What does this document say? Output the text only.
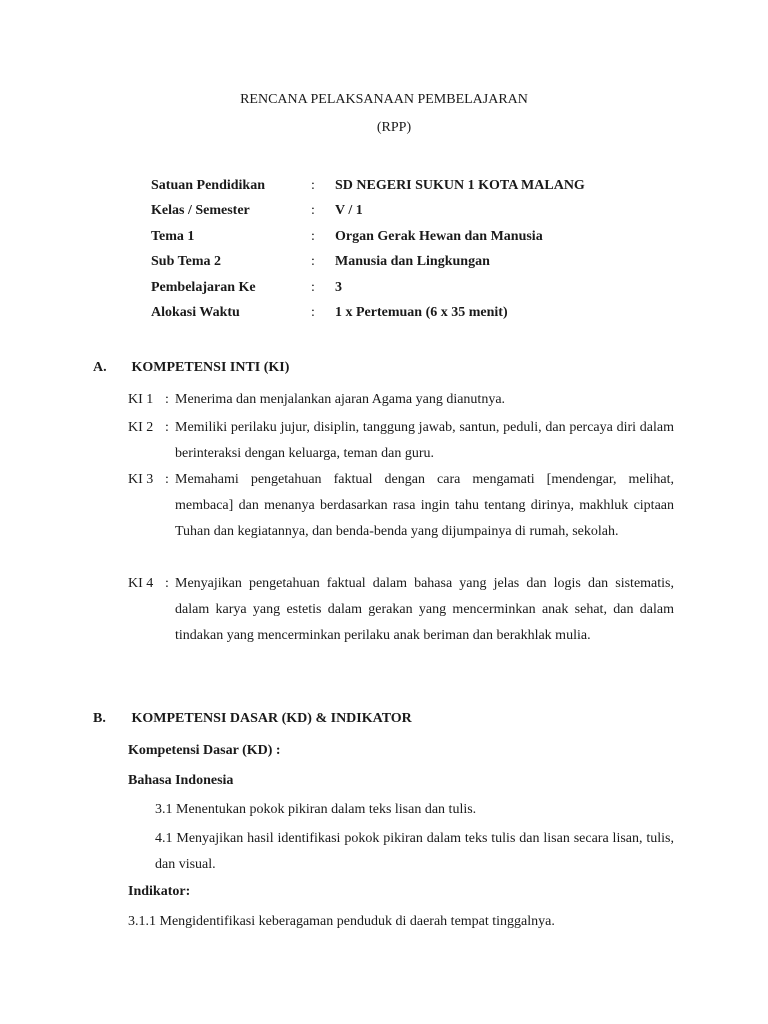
RENCANA PELAKSANAAN PEMBELAJARAN
(RPP)
Satuan Pendidikan	:	SD NEGERI SUKUN 1 KOTA MALANG
Kelas / Semester	:	V / 1
Tema 1	:	Organ Gerak Hewan dan Manusia
Sub Tema 2	:	Manusia dan Lingkungan
Pembelajaran Ke	:	3
Alokasi Waktu	:	1 x Pertemuan (6 x 35 menit)
A. KOMPETENSI INTI (KI)
KI 1 : Menerima dan menjalankan ajaran Agama yang dianutnya.
KI 2 : Memiliki perilaku jujur, disiplin, tanggung jawab, santun, peduli, dan percaya diri dalam berinteraksi dengan keluarga, teman dan guru.
KI 3 : Memahami pengetahuan faktual dengan cara mengamati [mendengar, melihat, membaca] dan menanya berdasarkan rasa ingin tahu tentang dirinya, makhluk ciptaan Tuhan dan kegiatannya, dan benda-benda yang dijumpainya di rumah, sekolah.
KI 4 : Menyajikan pengetahuan faktual dalam bahasa yang jelas dan logis dan sistematis, dalam karya yang estetis dalam gerakan yang mencerminkan anak sehat, dan dalam tindakan yang mencerminkan perilaku anak beriman dan berakhlak mulia.
B. KOMPETENSI DASAR (KD) & INDIKATOR
Kompetensi Dasar (KD) :
Bahasa Indonesia
3.1 Menentukan pokok pikiran dalam teks lisan dan tulis.
4.1 Menyajikan hasil identifikasi pokok pikiran dalam teks tulis dan lisan secara lisan, tulis, dan visual.
Indikator:
3.1.1 Mengidentifikasi keberagaman penduduk di daerah tempat tinggalnya.
